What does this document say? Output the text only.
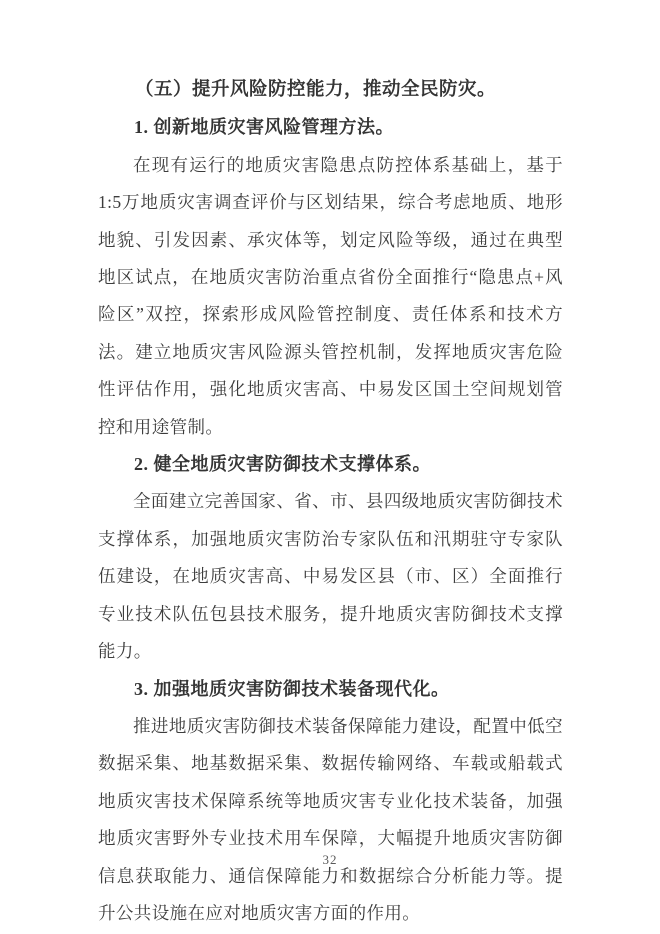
（五）提升风险防控能力，推动全民防灾。
1. 创新地质灾害风险管理方法。

在现有运行的地质灾害隐患点防控体系基础上，基于 1:5万地质灾害调查评价与区划结果，综合考虑地质、地形地貌、引发因素、承灾体等，划定风险等级，通过在典型地区试点，在地质灾害防治重点省份全面推行“隐患点+风险区”双控，探索形成风险管控制度、责任体系和技术方法。建立地质灾害风险源头管控机制，发挥地质灾害危险性评估作用，强化地质灾害高、中易发区国土空间规划管控和用途管制。

2. 健全地质灾害防御技术支撑体系。

全面建立完善国家、省、市、县四级地质灾害防御技术支撑体系，加强地质灾害防治专家队伍和汛期驻守专家队伍建设，在地质灾害高、中易发区县（市、区）全面推行专业技术队伍包县技术服务，提升地质灾害防御技术支撑能力。

3. 加强地质灾害防御技术装备现代化。

推进地质灾害防御技术装备保障能力建设，配置中低空数据采集、地基数据采集、数据传输网络、车载或船载式地质灾害技术保障系统等地质灾害专业化技术装备，加强地质灾害野外专业技术用车保障，大幅提升地质灾害防御信息获取能力、通信保障能力和数据综合分析能力等。提升公共设施在应对地质灾害方面的作用。

32
